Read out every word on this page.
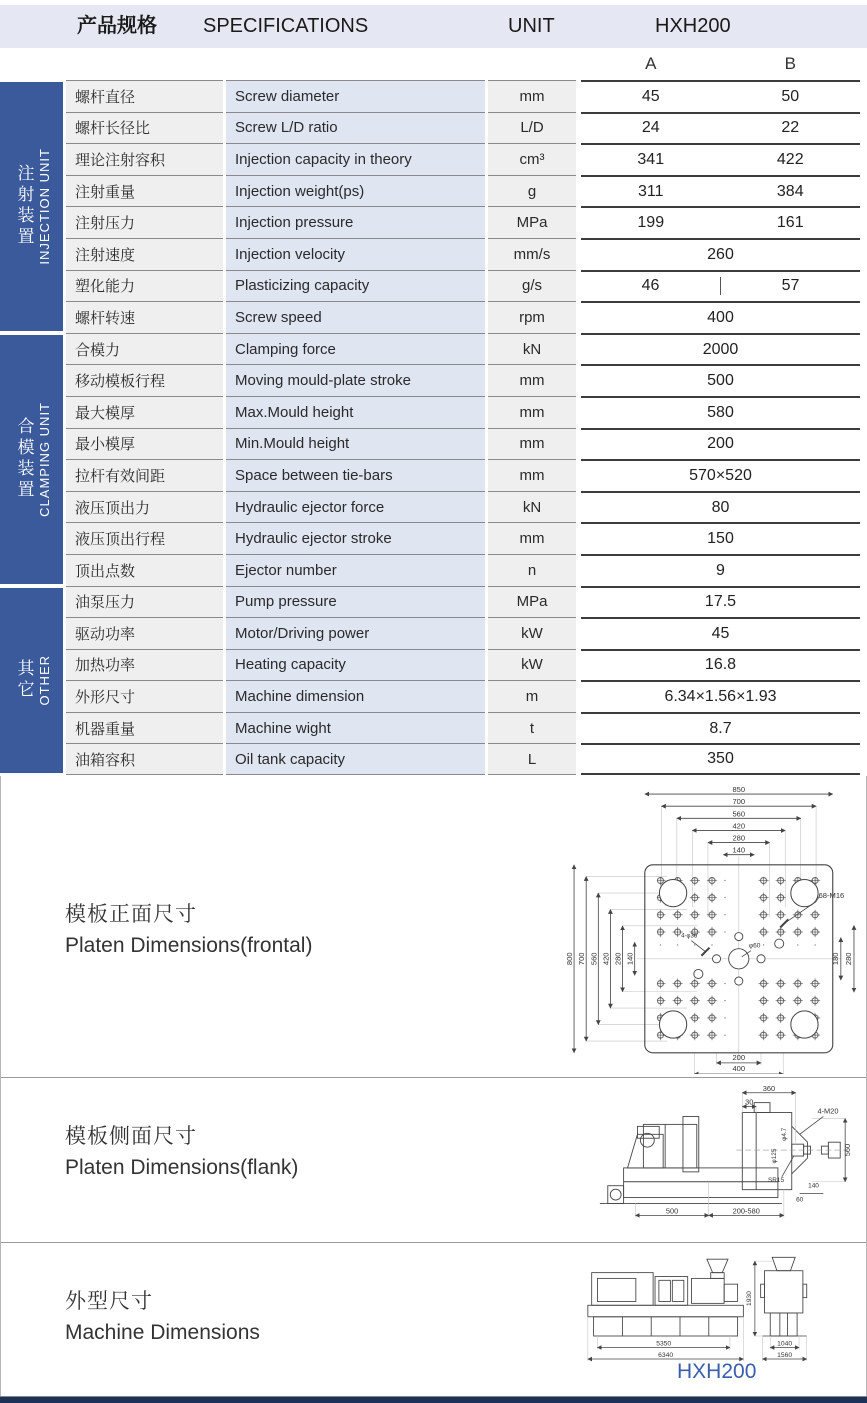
产品规格 SPECIFICATIONS	UNIT	HXH200
A	B
注射装置 INJECTION UNIT
螺杆直径	Screw diameter	mm	45	50
螺杆长径比	Screw L/D ratio	L/D	24	22
理论注射容积	Injection capacity in theory	cm³	341	422
注射重量	Injection weight(ps)	g	311	384
注射压力	Injection pressure	MPa	199	161
注射速度	Injection velocity	mm/s	260
塑化能力	Plasticizing capacity	g/s	46	57
螺杆转速	Screw speed	rpm	400
合模装置 CLAMPING UNIT
合模力	Clamping force	kN	2000
移动模板行程	Moving mould-plate stroke	mm	500
最大模厚	Max.Mould height	mm	580
最小模厚	Min.Mould height	mm	200
拉杆有效间距	Space between tie-bars	mm	570×520
液压顶出力	Hydraulic ejector force	kN	80
液压顶出行程	Hydraulic ejector stroke	mm	150
顶出点数	Ejector number	n	9
其它 OTHER
油泵压力	Pump pressure	MPa	17.5
驱动功率	Motor/Driving power	kW	45
加热功率	Heating capacity	kW	16.8
外形尺寸	Machine dimension	m	6.34×1.56×1.93
机器重量	Machine wight	t	8.7
油箱容积	Oil tank capacity	L	350
模板正面尺寸
Platen Dimensions(frontal)
850
700
560
420
280
140
800 700 560 420 280 140	280
180
200
400
68-M16
4-φ36
φ60
模板侧面尺寸
Platen Dimensions(flank)
360
30
560
500	200-580
4-M20
φ4.7
φ125
SR15
140
60
外型尺寸
Machine Dimensions
5350
6340
1930
1040
1560
HXH200
